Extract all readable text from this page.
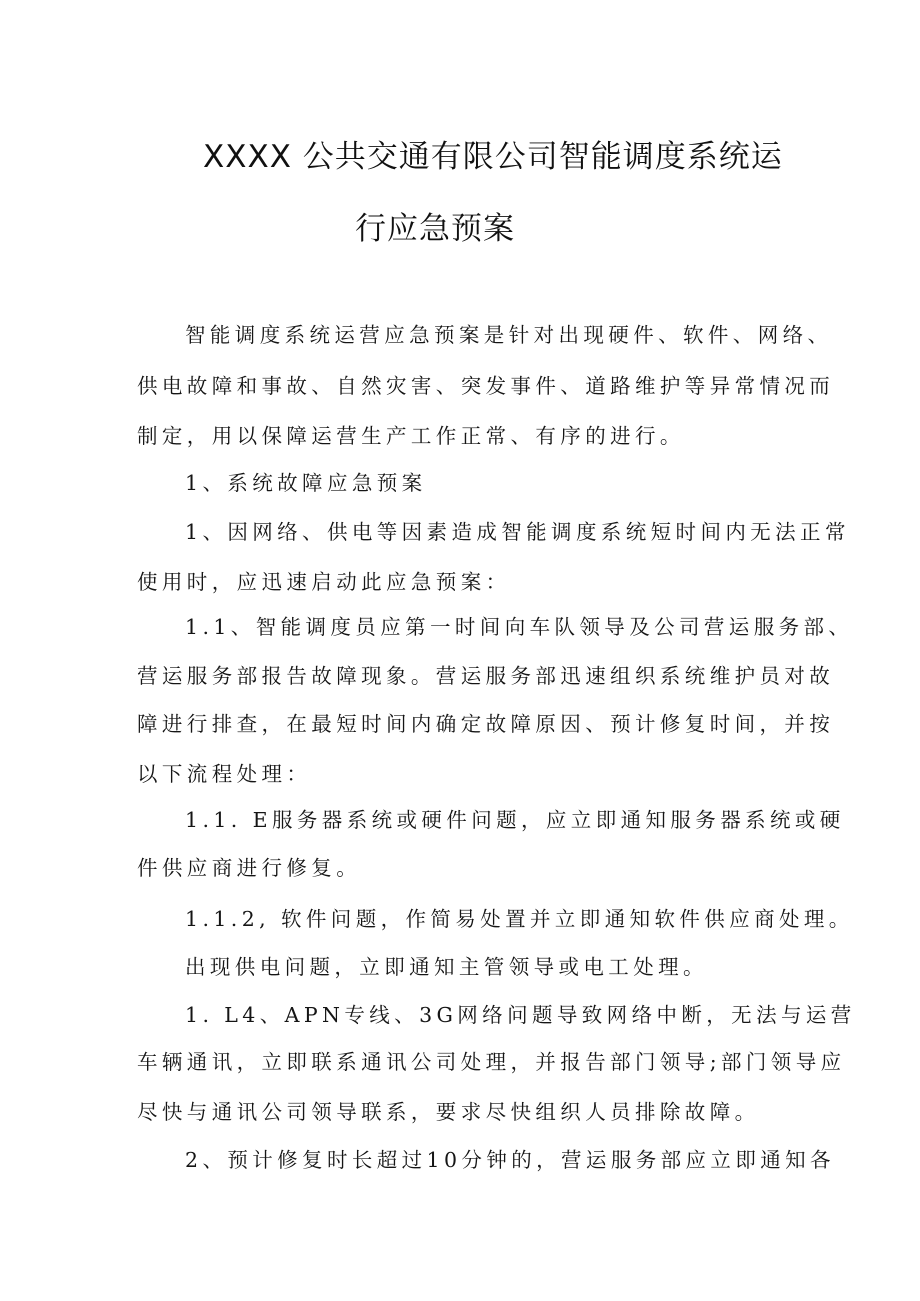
XXXX 公共交通有限公司智能调度系统运
行应急预案
智能调度系统运营应急预案是针对出现硬件、软件、网络、
供电故障和事故、自然灾害、突发事件、道路维护等异常情况而
制定，用以保障运营生产工作正常、有序的进行。
1、系统故障应急预案
1、因网络、供电等因素造成智能调度系统短时间内无法正常
使用时，应迅速启动此应急预案：
1.1、智能调度员应第一时间向车队领导及公司营运服务部、
营运服务部报告故障现象。营运服务部迅速组织系统维护员对故
障进行排查，在最短时间内确定故障原因、预计修复时间，并按
以下流程处理：
1.1. E服务器系统或硬件问题，应立即通知服务器系统或硬
件供应商进行修复。
1.1.2, 软件问题，作简易处置并立即通知软件供应商处理。
出现供电问题，立即通知主管领导或电工处理。
1. L4、APN专线、3G网络问题导致网络中断，无法与运营
车辆通讯，立即联系通讯公司处理，并报告部门领导;部门领导应
尽快与通讯公司领导联系，要求尽快组织人员排除故障。
2、预计修复时长超过10分钟的，营运服务部应立即通知各
